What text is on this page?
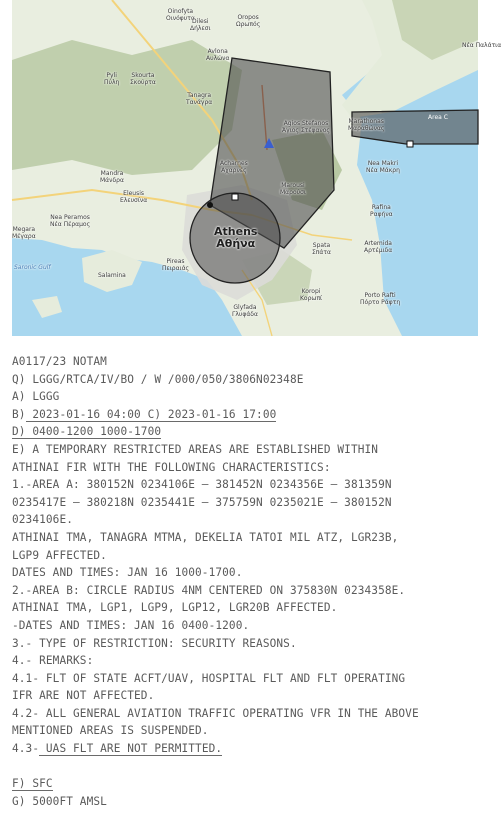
Oinofyta
Οινόφυτα
Dilesi
Δήλεσι
Oropos
Ωρωπός
Νέα Παλάτια
Avlona
Αυλώνα
Pyli
Πύλη
Skourta
Σκούρτα
Tanagra
Τανάγρα
Agios Stefanos
Άγιος Στέφανος
Marathonas
Μαραθώνας
Area C
Nea Makri
Νέα Μάκρη
Mandra
Μάνδρα
Acharnes
Αχαρνές
Marousi
Μαρούσι
Eleusis
Ελευσίνα
Rafina
Ραφήνα
Nea Peramos
Νέα Πέραμος
Megara
Μέγαρα	Athens
Αθήνα	Spata
Σπάτα
Artemida
Αρτέμιδα
Pireas
Πειραιάς
Saronic Gulf
Salamina
Koropi
Κορωπί	Porto Rafti
Πόρτο Ράφτη
Glyfada
Γλυφάδα
A0117/23 NOTAM
Q) LGGG/RTCA/IV/BO / W /000/050/3806N02348E
A) LGGG
B) 2023-01-16 04:00 C) 2023-01-16 17:00
D) 0400-1200 1000-1700
E) A TEMPORARY RESTRICTED AREAS ARE ESTABLISHED WITHIN
ATHINAI FIR WITH THE FOLLOWING CHARACTERISTICS:
1.-AREA A: 380152N 0234106E – 381452N 0234356E – 381359N
0235417E – 380218N 0235441E – 375759N 0235021E – 380152N
0234106E.
ATHINAI TMA, TANAGRA MTMA, DEKELIA TATOI MIL ATZ, LGR23B,
LGP9 AFFECTED.
DATES AND TIMES: JAN 16 1000-1700.
2.-AREA B: CIRCLE RADIUS 4NM CENTERED ON 375830N 0234358E.
ATHINAI TMA, LGP1, LGP9, LGP12, LGR20B AFFECTED.
-DATES AND TIMES: JAN 16 0400-1200.
3.- TYPE OF RESTRICTION: SECURITY REASONS.
4.- REMARKS:
4.1- FLT OF STATE ACFT/UAV, HOSPITAL FLT AND FLT OPERATING
IFR ARE NOT AFFECTED.
4.2- ALL GENERAL AVIATION TRAFFIC OPERATING VFR IN THE ABOVE
MENTIONED AREAS IS SUSPENDED.
4.3- UAS FLT ARE NOT PERMITTED.
F) SFC
G) 5000FT AMSL
